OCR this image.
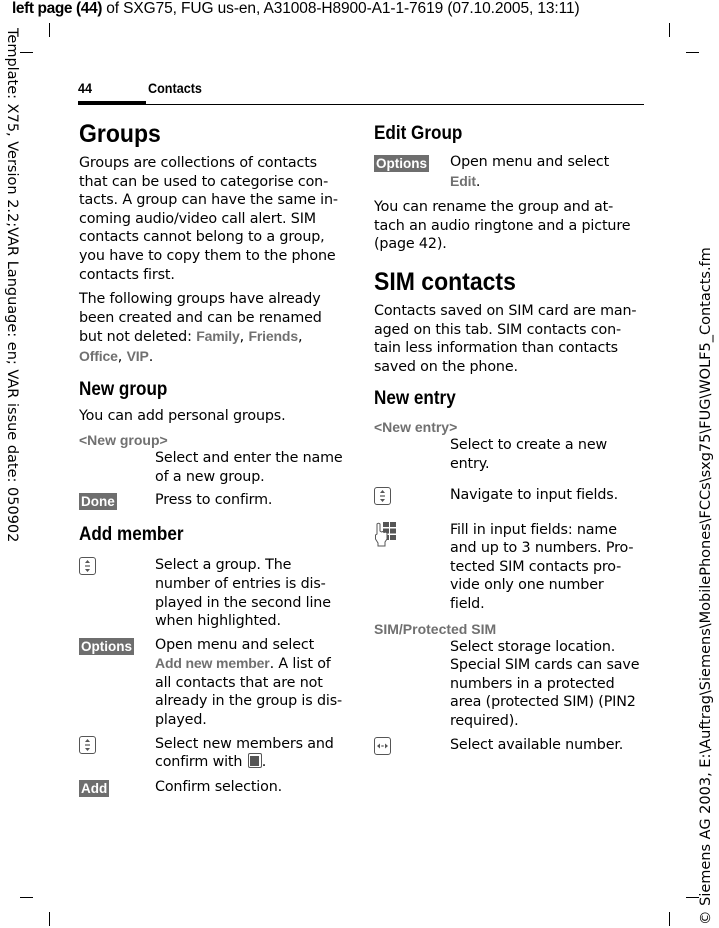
left page (44) of SXG75, FUG us-en, A31008-H8900-A1-1-7619 (07.10.2005, 13:11)
Template: X75, Version 2.2;VAR Language: en; VAR issue date: 050902	© Siemens AG 2003, E:\Auftrag\Siemens\MobilePhones\FCCs\sxg75\FUG\WOLF5_Contacts.fm
44	Contacts
Groups

Groups are collections of contacts that can be used to categorise con-tacts. A group can have the same in-coming audio/video call alert. SIM contacts cannot belong to a group, you have to copy them to the phone contacts first.

The following groups have already been created and can be renamed but not deleted: Family, Friends, Office, VIP.

New group

You can add personal groups.

<New group>
Select and enter the name of a new group.
Done	Press to confirm.
Add member
Select a group. The number of entries is dis-played in the second line when highlighted.
Options	Open menu and select Add new member. A list of all contacts that are not already in the group is dis-played.
Select new members and confirm with .
Add	Confirm selection.
Edit Group
Options	Open menu and select
Edit.

You can rename the group and at-tach an audio ringtone and a picture (page 42).

SIM contacts

Contacts saved on SIM card are man-aged on this tab. SIM contacts con-tain less information than contacts saved on the phone.

New entry
<New entry>
Select to create a new entry.
Navigate to input fields.
Fill in input fields: name and up to 3 numbers. Pro-tected SIM contacts pro-vide only one number field.
SIM/Protected SIM
Select storage location. Special SIM cards can save numbers in a protected area (protected SIM) (PIN2 required).
Select available number.
